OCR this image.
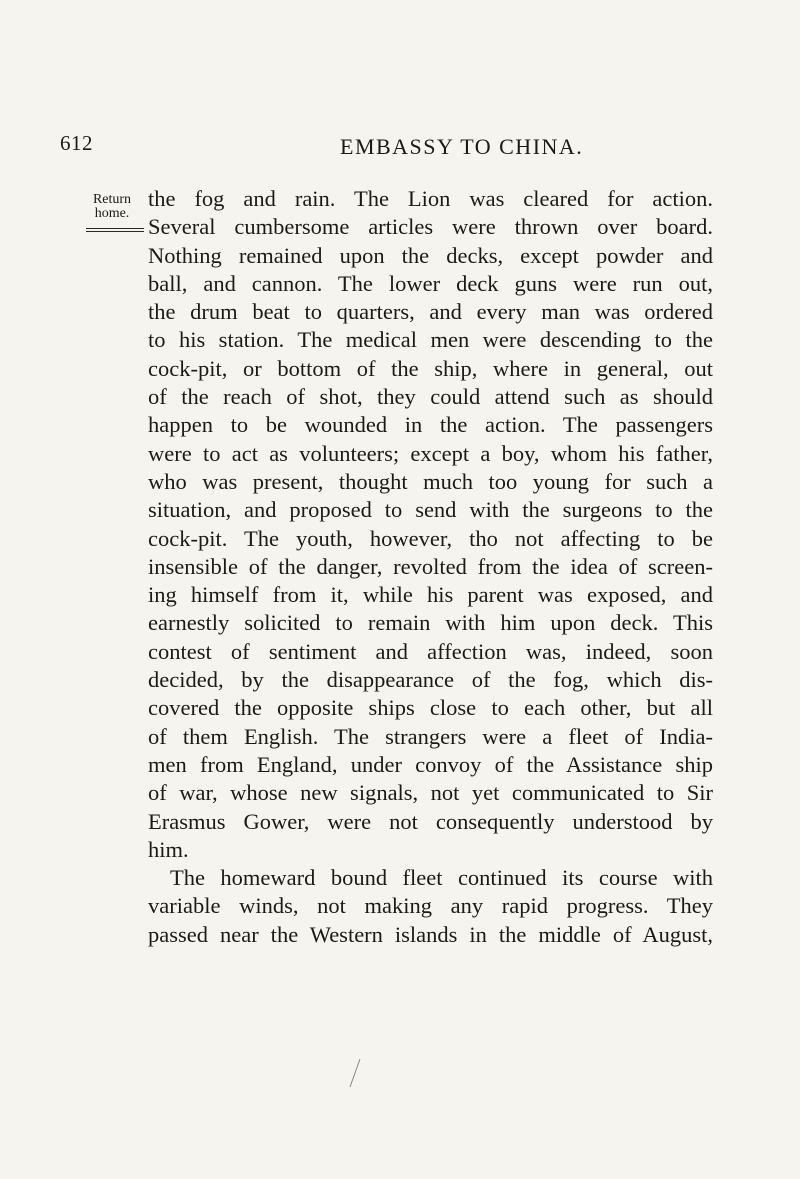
612	EMBASSY TO CHINA.
Return
home.
the fog and rain. The Lion was cleared for action.
Several cumbersome articles were thrown over board.
Nothing remained upon the decks, except powder and
ball, and cannon. The lower deck guns were run out,
the drum beat to quarters, and every man was ordered
to his station. The medical men were descending to the
cock-pit, or bottom of the ship, where in general, out
of the reach of shot, they could attend such as should
happen to be wounded in the action. The passengers
were to act as volunteers; except a boy, whom his father,
who was present, thought much too young for such a
situation, and proposed to send with the surgeons to the
cock-pit. The youth, however, tho not affecting to be
insensible of the danger, revolted from the idea of screen-
ing himself from it, while his parent was exposed, and
earnestly solicited to remain with him upon deck. This
contest of sentiment and affection was, indeed, soon
decided, by the disappearance of the fog, which dis-
covered the opposite ships close to each other, but all
of them English. The strangers were a fleet of India-
men from England, under convoy of the Assistance ship
of war, whose new signals, not yet communicated to Sir
Erasmus Gower, were not consequently understood by
him.
The homeward bound fleet continued its course with
variable winds, not making any rapid progress. They
passed near the Western islands in the middle of August,
